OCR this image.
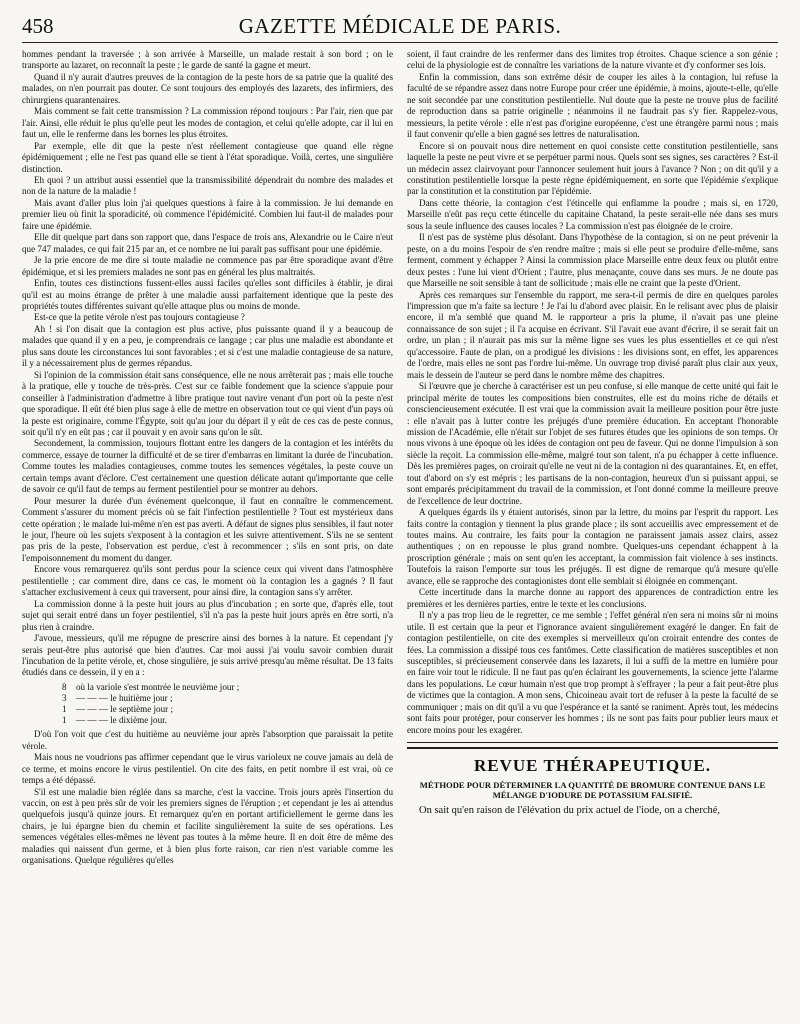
458	GAZETTE MÉDICALE DE PARIS.

hommes pendant la traversée ; à son arrivée à Marseille, un malade restait à son bord ; on le transporte au lazaret, on reconnaît la peste ; le garde de santé la gagne et meurt.

Quand il n'y aurait d'autres preuves de la contagion de la peste hors de sa patrie que la qualité des malades, on n'en pourrait pas douter. Ce sont toujours des employés des lazarets, des infirmiers, des chirurgiens quarantenaires.

Mais comment se fait cette transmission ? La commission répond toujours : Par l'air, rien que par l'air. Ainsi, elle réduit le plus qu'elle peut les modes de contagion, et celui qu'elle adopte, car il lui en faut un, elle le renferme dans les bornes les plus étroites.

Par exemple, elle dit que la peste n'est réellement contagieuse que quand elle règne épidémiquement ; elle ne l'est pas quand elle se tient à l'état sporadique. Voilà, certes, une singulière distinction.

Eh quoi ? un attribut aussi essentiel que la transmissibilité dépendrait du nombre des malades et non de la nature de la maladie !

Mais avant d'aller plus loin j'ai quelques questions à faire à la commission. Je lui demande en premier lieu où finit la sporadicité, où commence l'épidémicité. Combien lui faut-il de malades pour faire une épidémie.

Elle dit quelque part dans son rapport que, dans l'espace de trois ans, Alexandrie ou le Caire n'eut que 747 malades, ce qui fait 215 par an, et ce nombre ne lui paraît pas suffisant pour une épidémie.

Je la prie encore de me dire si toute maladie ne commence pas par être sporadique avant d'être épidémique, et si les premiers malades ne sont pas en général les plus maltraités.

Enfin, toutes ces distinctions fussent-elles aussi faciles qu'elles sont difficiles à établir, je dirai qu'il est au moins étrange de prêter à une maladie aussi parfaitement identique que la peste des propriétés toutes différentes suivant qu'elle attaque plus ou moins de monde.

Est-ce que la petite vérole n'est pas toujours contagieuse ?

Ah ! si l'on disait que la contagion est plus active, plus puissante quand il y a beaucoup de malades que quand il y en a peu, je comprendrais ce langage ; car plus une maladie est abondante et plus sans doute les circonstances lui sont favorables ; et si c'est une maladie contagieuse de sa nature, il y a nécessairement plus de germes répandus.

Si l'opinion de la commission était sans conséquence, elle ne nous arrêterait pas ; mais elle touche à la pratique, elle y touche de très-près. C'est sur ce faible fondement que la science s'appuie pour conseiller à l'administration d'admettre à libre pratique tout navire venant d'un port où la peste n'est que sporadique. Il eût été bien plus sage à elle de mettre en observation tout ce qui vient d'un pays où la peste est originaire, comme l'Égypte, soit qu'au jour du départ il y eût de ces cas de peste connus, soit qu'il n'y en eût pas ; car il pouvait y en avoir sans qu'on le sût.

Secondement, la commission, toujours flottant entre les dangers de la contagion et les intérêts du commerce, essaye de tourner la difficulté et de se tirer d'embarras en limitant la durée de l'incubation. Comme toutes les maladies contagieuses, comme toutes les semences végétales, la peste couve un certain temps avant d'éclore. C'est certainement une question délicate autant qu'importante que celle de savoir ce qu'il faut de temps au ferment pestilentiel pour se montrer au dehors.

Pour mesurer la durée d'un événement quelconque, il faut en connaître le commencement. Comment s'assurer du moment précis où se fait l'infection pestilentielle ? Tout est mystérieux dans cette opération ; le malade lui-même n'en est pas averti. A défaut de signes plus sensibles, il faut noter le jour, l'heure où les sujets s'exposent à la contagion et les suivre attentivement. S'ils ne se sentent pas pris de la peste, l'observation est perdue, c'est à recommencer ; s'ils en sont pris, on date l'empoisonnement du moment du danger.

Encore vous remarquerez qu'ils sont perdus pour la science ceux qui vivent dans l'atmosphère pestilentielle ; car comment dire, dans ce cas, le moment où la contagion les a gagnés ? Il faut s'attacher exclusivement à ceux qui traversent, pour ainsi dire, la contagion sans s'y arrêter.

La commission donne à la peste huit jours au plus d'incubation ; en sorte que, d'après elle, tout sujet qui serait entré dans un foyer pestilentiel, s'il n'a pas la peste huit jours après en être sorti, n'a plus rien à craindre.

J'avoue, messieurs, qu'il me répugne de prescrire ainsi des bornes à la nature. Et cependant j'y serais peut-être plus autorisé que bien d'autres. Car moi aussi j'ai voulu savoir combien durait l'incubation de la petite vérole, et, chose singulière, je suis arrivé presqu'au même résultat. De 13 faits étudiés dans ce dessein, il y en a :

8	où la variole s'est montrée le neuvième jour ;
3	— — — le huitième jour ;
1	— — — le septième jour ;
1	— — — le dixième jour.

D'où l'on voit que c'est du huitième au neuvième jour après l'absorption que paraissait la petite vérole.

Mais nous ne voudrions pas affirmer cependant que le virus varioleux ne couve jamais au delà de ce terme, et moins encore le virus pestilentiel. On cite des faits, en petit nombre il est vrai, où ce temps a été dépassé.

S'il est une maladie bien réglée dans sa marche, c'est la vaccine. Trois jours après l'insertion du vaccin, on est à peu près sûr de voir les premiers signes de l'éruption ; et cependant je les ai attendus quelquefois jusqu'à quinze jours. Et remarquez qu'en en portant artificiellement le germe dans les chairs, je lui épargne bien du chemin et facilite singulièrement la suite de ses opérations. Les semences végétales elles-mêmes ne lèvent pas toutes à la même heure. Il en doit être de même des maladies qui naissent d'un germe, et à bien plus forte raison, car rien n'est variable comme les organisations. Quelque régulières qu'elles

soient, il faut craindre de les renfermer dans des limites trop étroites. Chaque science a son génie ; celui de la physiologie est de connaître les variations de la nature vivante et d'y conformer ses lois.

Enfin la commission, dans son extrême désir de couper les ailes à la contagion, lui refuse la faculté de se répandre assez dans notre Europe pour créer une épidémie, à moins, ajoute-t-elle, qu'elle ne soit secondée par une constitution pestilentielle. Nul doute que la peste ne trouve plus de facilité de reproduction dans sa patrie originelle ; néanmoins il ne faudrait pas s'y fier. Rappelez-vous, messieurs, la petite vérole : elle n'est pas d'origine européenne, c'est une étrangère parmi nous ; mais il faut convenir qu'elle a bien gagné ses lettres de naturalisation.

Encore si on pouvait nous dire nettement en quoi consiste cette constitution pestilentielle, sans laquelle la peste ne peut vivre et se perpétuer parmi nous. Quels sont ses signes, ses caractères ? Est-il un médecin assez clairvoyant pour l'annoncer seulement huit jours à l'avance ? Non ; on dit qu'il y a constitution pestilentielle lorsque la peste règne épidémiquement, en sorte que l'épidémie s'explique par la constitution et la constitution par l'épidémie.

Dans cette théorie, la contagion c'est l'étincelle qui enflamme la poudre ; mais si, en 1720, Marseille n'eût pas reçu cette étincelle du capitaine Chatand, la peste serait-elle née dans ses murs sous la seule influence des causes locales ? La commission n'est pas éloignée de le croire.

Il n'est pas de système plus désolant. Dans l'hypothèse de la contagion, si on ne peut prévenir la peste, on a du moins l'espoir de s'en rendre maître ; mais si elle peut se produire d'elle-même, sans ferment, comment y échapper ? Ainsi la commission place Marseille entre deux feux ou plutôt entre deux pestes : l'une lui vient d'Orient ; l'autre, plus menaçante, couve dans ses murs. Je ne doute pas que Marseille ne soit sensible à tant de sollicitude ; mais elle ne craint que la peste d'Orient.

Après ces remarques sur l'ensemble du rapport, me sera-t-il permis de dire en quelques paroles l'impression que m'a faite sa lecture ! Je l'ai lu d'abord avec plaisir. En le relisant avec plus de plaisir encore, il m'a semblé que quand M. le rapporteur a pris la plume, il n'avait pas une pleine connaissance de son sujet ; il l'a acquise en écrivant. S'il l'avait eue avant d'écrire, il se serait fait un ordre, un plan ; il n'aurait pas mis sur la même ligne ses vues les plus essentielles et ce qui n'est qu'accessoire. Faute de plan, on a prodigué les divisions : les divisions sont, en effet, les apparences de l'ordre, mais elles ne sont pas l'ordre lui-même. Un ouvrage trop divisé paraît plus clair aux yeux, mais le dessein de l'auteur se perd dans le nombre même des chapitres.

Si l'œuvre que je cherche à caractériser est un peu confuse, si elle manque de cette unité qui fait le principal mérite de toutes les compositions bien construites, elle est du moins riche de détails et consciencieusement exécutée. Il est vrai que la commission avait la meilleure position pour être juste : elle n'avait pas à lutter contre les préjugés d'une première éducation. En acceptant l'honorable mission de l'Académie, elle n'était sur l'objet de ses futures études que les opinions de son temps. Or nous vivons à une époque où les idées de contagion ont peu de faveur. Qui ne donne l'impulsion à son siècle la reçoit. La commission elle-même, malgré tout son talent, n'a pu échapper à cette influence. Dès les premières pages, on croirait qu'elle ne veut ni de la contagion ni des quarantaines. Et, en effet, tout d'abord on s'y est mépris ; les partisans de la non-contagion, heureux d'un si puissant appui, se sont emparés précipitamment du travail de la commission, et l'ont donné comme la meilleure preuve de l'excellence de leur doctrine.

A quelques égards ils y étaient autorisés, sinon par la lettre, du moins par l'esprit du rapport. Les faits contre la contagion y tiennent la plus grande place ; ils sont accueillis avec empressement et de toutes mains. Au contraire, les faits pour la contagion ne paraissent jamais assez clairs, assez authentiques ; on en repousse le plus grand nombre. Quelques-uns cependant échappent à la proscription générale ; mais on sent qu'en les acceptant, la commission fait violence à ses instincts. Toutefois la raison l'emporte sur tous les préjugés. Il est digne de remarque qu'à mesure qu'elle avance, elle se rapproche des contagionistes dont elle semblait si éloignée en commençant.

Cette incertitude dans la marche donne au rapport des apparences de contradiction entre les premières et les dernières parties, entre le texte et les conclusions.

Il n'y a pas trop lieu de le regretter, ce me semble ; l'effet général n'en sera ni moins sûr ni moins utile. Il est certain que la peur et l'ignorance avaient singulièrement exagéré le danger. En fait de contagion pestilentielle, on cite des exemples si merveilleux qu'on croirait entendre des contes de fées. La commission a dissipé tous ces fantômes. Cette classification de matières susceptibles et non susceptibles, si précieusement conservée dans les lazarets, il lui a suffi de la mettre en lumière pour en faire voir tout le ridicule. Il ne faut pas qu'en éclairant les gouvernements, la science jette l'alarme dans les populations. Le cœur humain n'est que trop prompt à s'effrayer ; la peur a fait peut-être plus de victimes que la contagion. A mon sens, Chicoineau avait tort de refuser à la peste la faculté de se communiquer ; mais on dit qu'il a vu que l'espérance et la santé se raniment. Après tout, les médecins sont faits pour protéger, pour conserver les hommes ; ils ne sont pas faits pour publier leurs maux et encore moins pour les exagérer.

REVUE THÉRAPEUTIQUE.
MÉTHODE POUR DÉTERMINER LA QUANTITÉ DE BROMURE CONTENUE DANS LE MÉLANGE D'IODURE DE POTASSIUM FALSIFIÉ.

On sait qu'en raison de l'élévation du prix actuel de l'iode, on a cherché,
